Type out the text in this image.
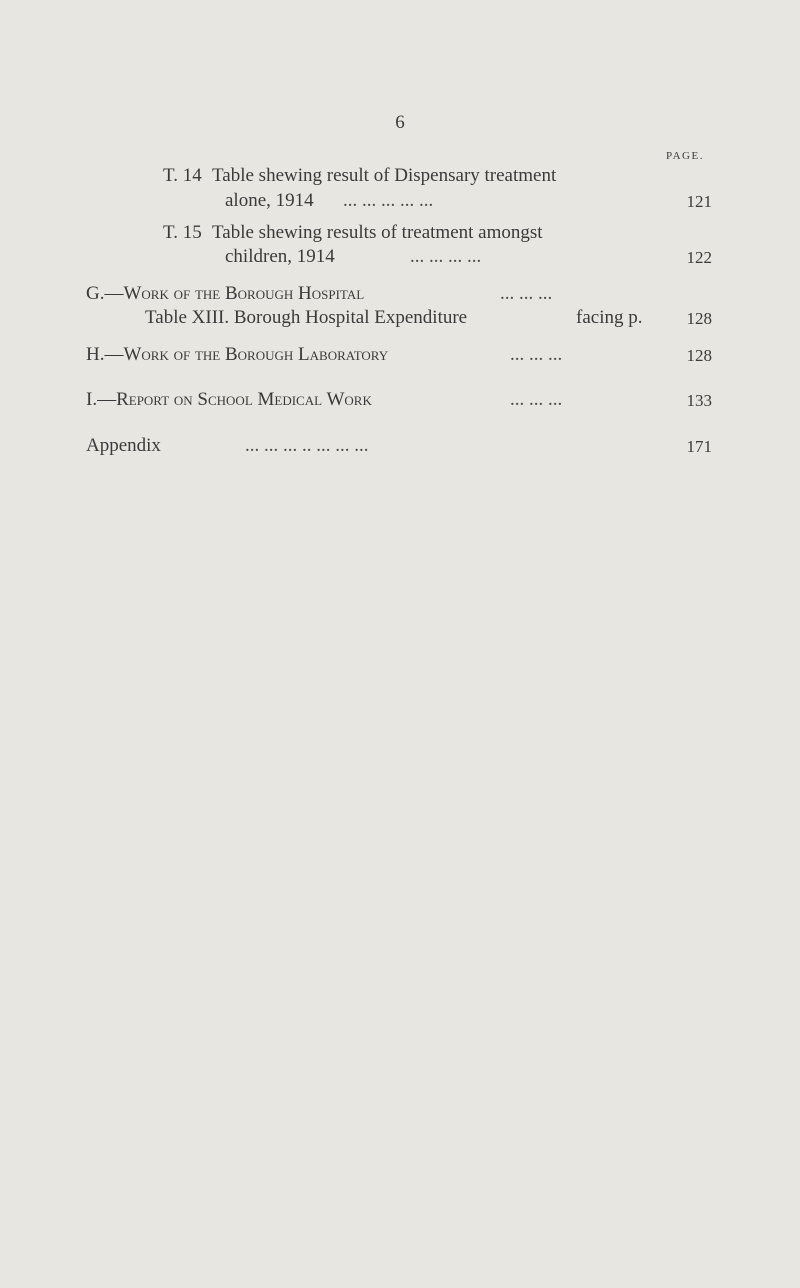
6
PAGE.
T. 14 Table shewing result of Dispensary treatment
alone, 1914 ... ... ... ... ...	121
T. 15 Table shewing results of treatment amongst
children, 1914	... ... ... ...	122
G.—Work of the Borough Hospital	... ... ...
Table XIII. Borough Hospital Expenditure	facing p.	128
H.—Work of the Borough Laboratory	... ... ...	128
I.—Report on School Medical Work	... ... ...	133
Appendix	... ... ... .. ... ... ...	171
